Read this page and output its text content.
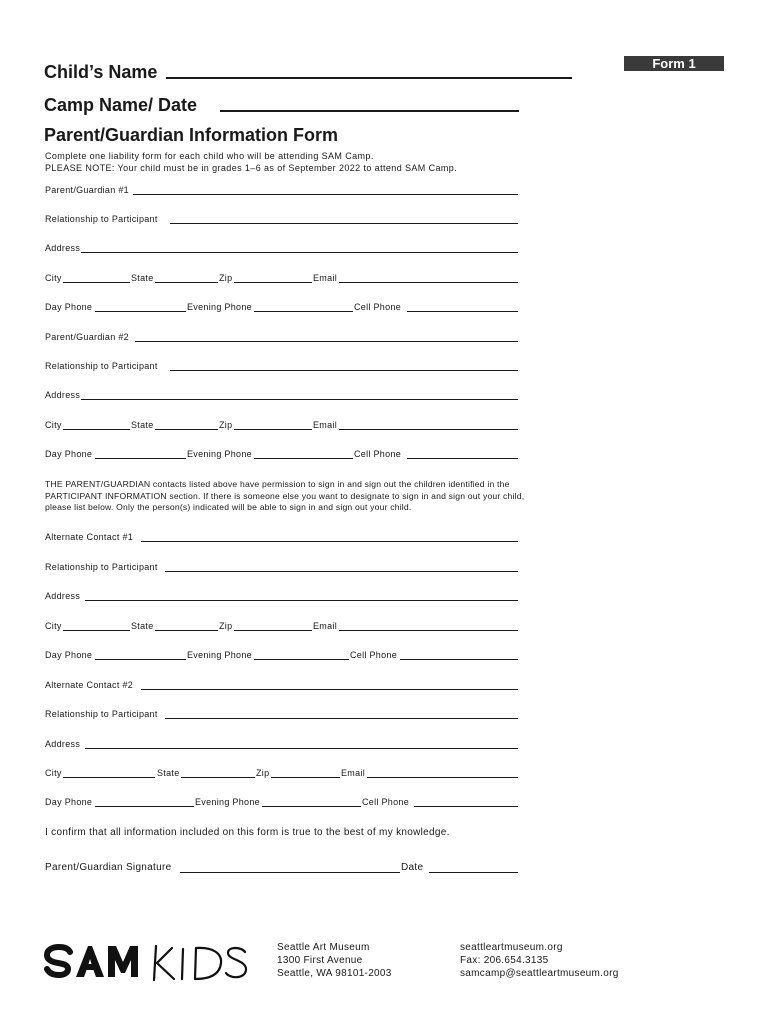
Form 1
Child’s Name
Camp Name/ Date
Parent/Guardian Information Form
Complete one liability form for each child who will be attending SAM Camp.
PLEASE NOTE: Your child must be in grades 1–6 as of September 2022 to attend SAM Camp.
Parent/Guardian #1
Relationship to Participant
Address
City	State	Zip	Email
Day Phone	Evening Phone	Cell Phone
Parent/Guardian #2
Relationship to Participant
Address
City	State	Zip	Email
Day Phone	Evening Phone	Cell Phone
THE PARENT/GUARDIAN contacts listed above have permission to sign in and sign out the children identified in the
PARTICIPANT INFORMATION section. If there is someone else you want to designate to sign in and sign out your child,
please list below. Only the person(s) indicated will be able to sign in and sign out your child.
Alternate Contact #1
Relationship to Participant
Address
City	State	Zip	Email
Day Phone	Evening Phone	Cell Phone
Alternate Contact #2
Relationship to Participant
Address
City	State	Zip	Email
Day Phone	Evening Phone	Cell Phone
I confirm that all information included on this form is true to the best of my knowledge.
Parent/Guardian Signature	Date
Seattle Art Museum
1300 First Avenue
Seattle, WA 98101-2003
seattleartmuseum.org
Fax: 206.654.3135
samcamp@seattleartmuseum.org
